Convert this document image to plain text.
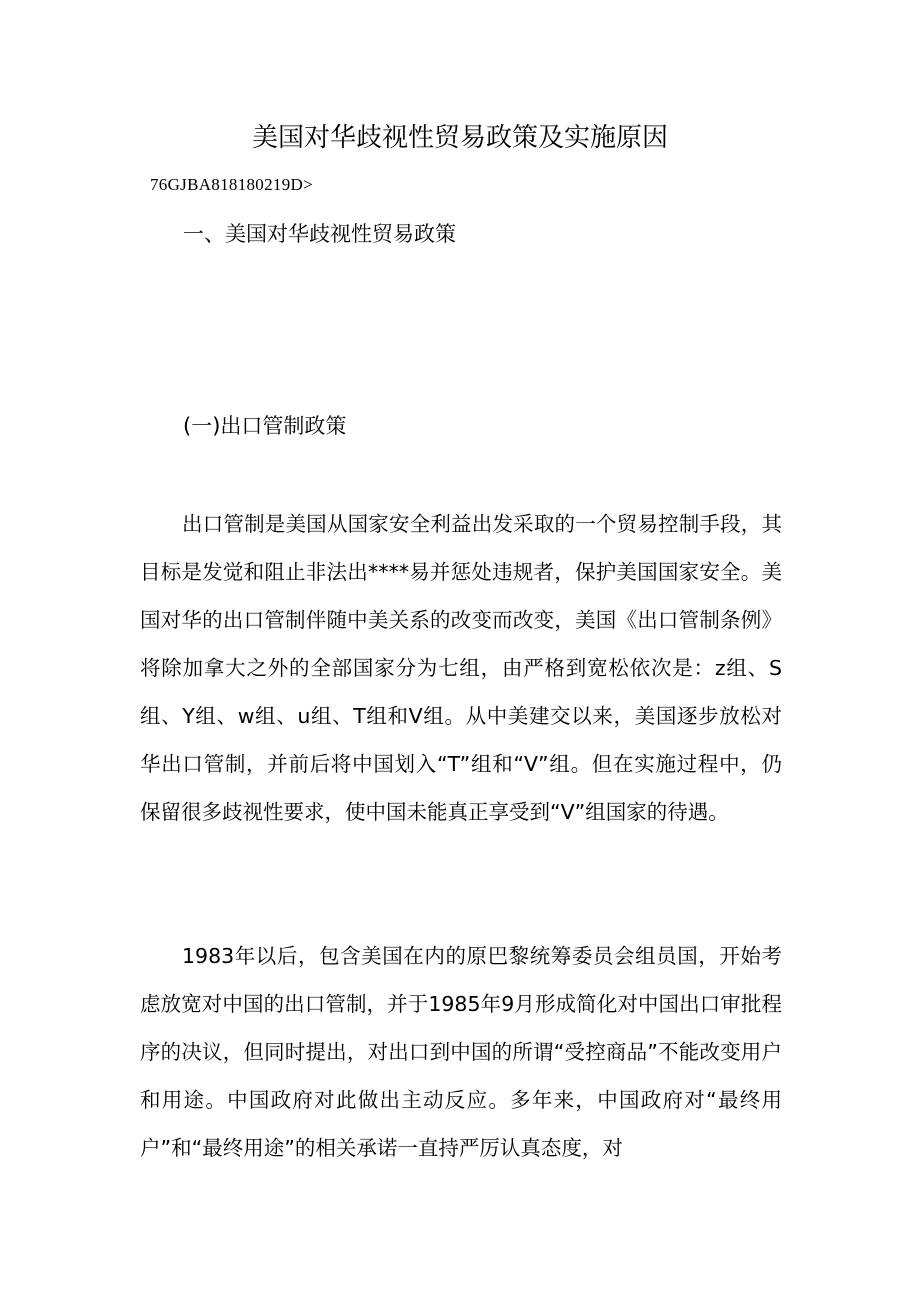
美国对华歧视性贸易政策及实施原因
76GJBA818180219D>
一、美国对华歧视性贸易政策
(一)出口管制政策

出口管制是美国从国家安全利益出发采取的一个贸易控制手段，其目标是发觉和阻止非法出****易并惩处违规者，保护美国国家安全。美国对华的出口管制伴随中美关系的改变而改变，美国《出口管制条例》将除加拿大之外的全部国家分为七组，由严格到宽松依次是：z组、S组、Y组、w组、u组、T组和V组。从中美建交以来，美国逐步放松对华出口管制，并前后将中国划入“T”组和“V”组。但在实施过程中，仍保留很多歧视性要求，使中国未能真正享受到“V”组国家的待遇。

1983年以后，包含美国在内的原巴黎统筹委员会组员国，开始考虑放宽对中国的出口管制，并于1985年9月形成简化对中国出口审批程序的决议，但同时提出，对出口到中国的所谓“受控商品”不能改变用户和用途。中国政府对此做出主动反应。多年来，中国政府对“最终用户”和“最终用途”的相关承诺一直持严厉认真态度，对
